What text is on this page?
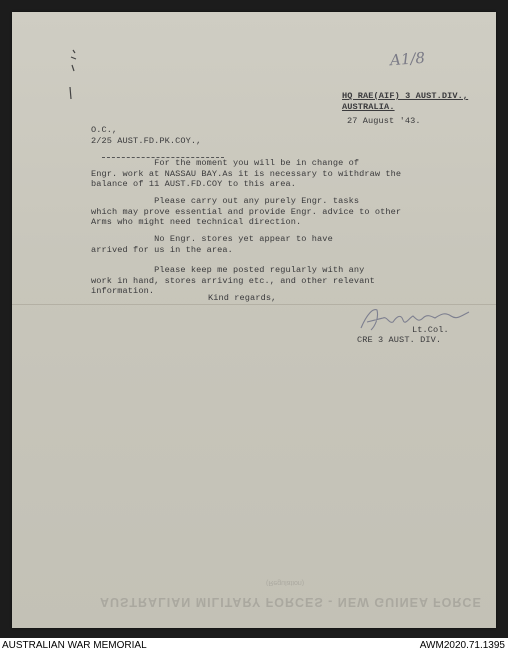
A1/8
HQ RAE(AIF) 3 AUST.DIV.,
AUSTRALIA.
27 August '43.
O.C.,
2/25 AUST.FD.PK.COY.,
For the moment you will be in change of
Engr. work at NASSAU BAY.As it is necessary to withdraw the
balance of 11 AUST.FD.COY to this area.
Please carry out any purely Engr. tasks
which may prove essential and provide Engr. advice to other
Arms who might need technical direction.
No Engr. stores yet appear to have
arrived for us in the area.
Please keep me posted regularly with any
work in hand, stores arriving etc., and other relevant
information.
Kind regards,
Lt.Col.
CRE 3 AUST. DIV.
(Regulation)
AUSTRALIAN MILITARY FORCES - NEW GUINEA FORCE
AUSTRALIAN WAR MEMORIAL	AWM2020.71.1395
